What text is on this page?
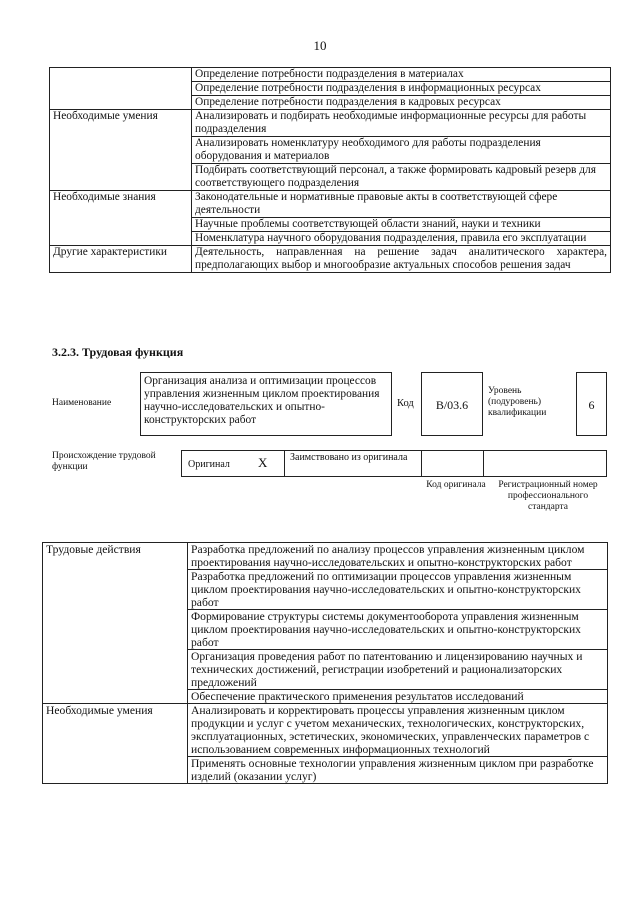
10
	Определение потребности подразделения в материалах
	Определение потребности подразделения в информационных ресурсах
	Определение потребности подразделения в кадровых ресурсах
Необходимые умения	Анализировать и подбирать необходимые информационные ресурсы для работы подразделения
	Анализировать номенклатуру необходимого для работы подразделения оборудования и материалов
	Подбирать соответствующий персонал, а также формировать кадровый резерв для соответствующего подразделения
Необходимые знания	Законодательные и нормативные правовые акты в соответствующей сфере деятельности
	Научные проблемы соответствующей области знаний, науки и техники
	Номенклатура научного оборудования подразделения, правила его эксплуатации
Другие характеристики	Деятельность, направленная на решение задач аналитического характера, предполагающих выбор и многообразие актуальных способов решения задач
3.2.3. Трудовая функция
Наименование
Организация анализа и оптимизации процессов управления жизненным циклом проектирования научно-исследовательских и опытно-конструкторских работ
Код	B/03.6
Уровень (подуровень) квалификации
6
Происхождение трудовой функции	Оригинал X Заимствовано из оригинала
Код оригинала	Регистрационный номер профессионального стандарта
Трудовые действия	Разработка предложений по анализу процессов управления жизненным циклом проектирования научно-исследовательских и опытно-конструкторских работ
	Разработка предложений по оптимизации процессов управления жизненным циклом проектирования научно-исследовательских и опытно-конструкторских работ
	Формирование структуры системы документооборота управления жизненным циклом проектирования научно-исследовательских и опытно-конструкторских работ
	Организация проведения работ по патентованию и лицензированию научных и технических достижений, регистрации изобретений и рационализаторских предложений
	Обеспечение практического применения результатов исследований
Необходимые умения	Анализировать и корректировать процессы управления жизненным циклом продукции и услуг с учетом механических, технологических, конструкторских, эксплуатационных, эстетических, экономических, управленческих параметров с использованием современных информационных технологий
	Применять основные технологии управления жизненным циклом при разработке изделий (оказании услуг)
